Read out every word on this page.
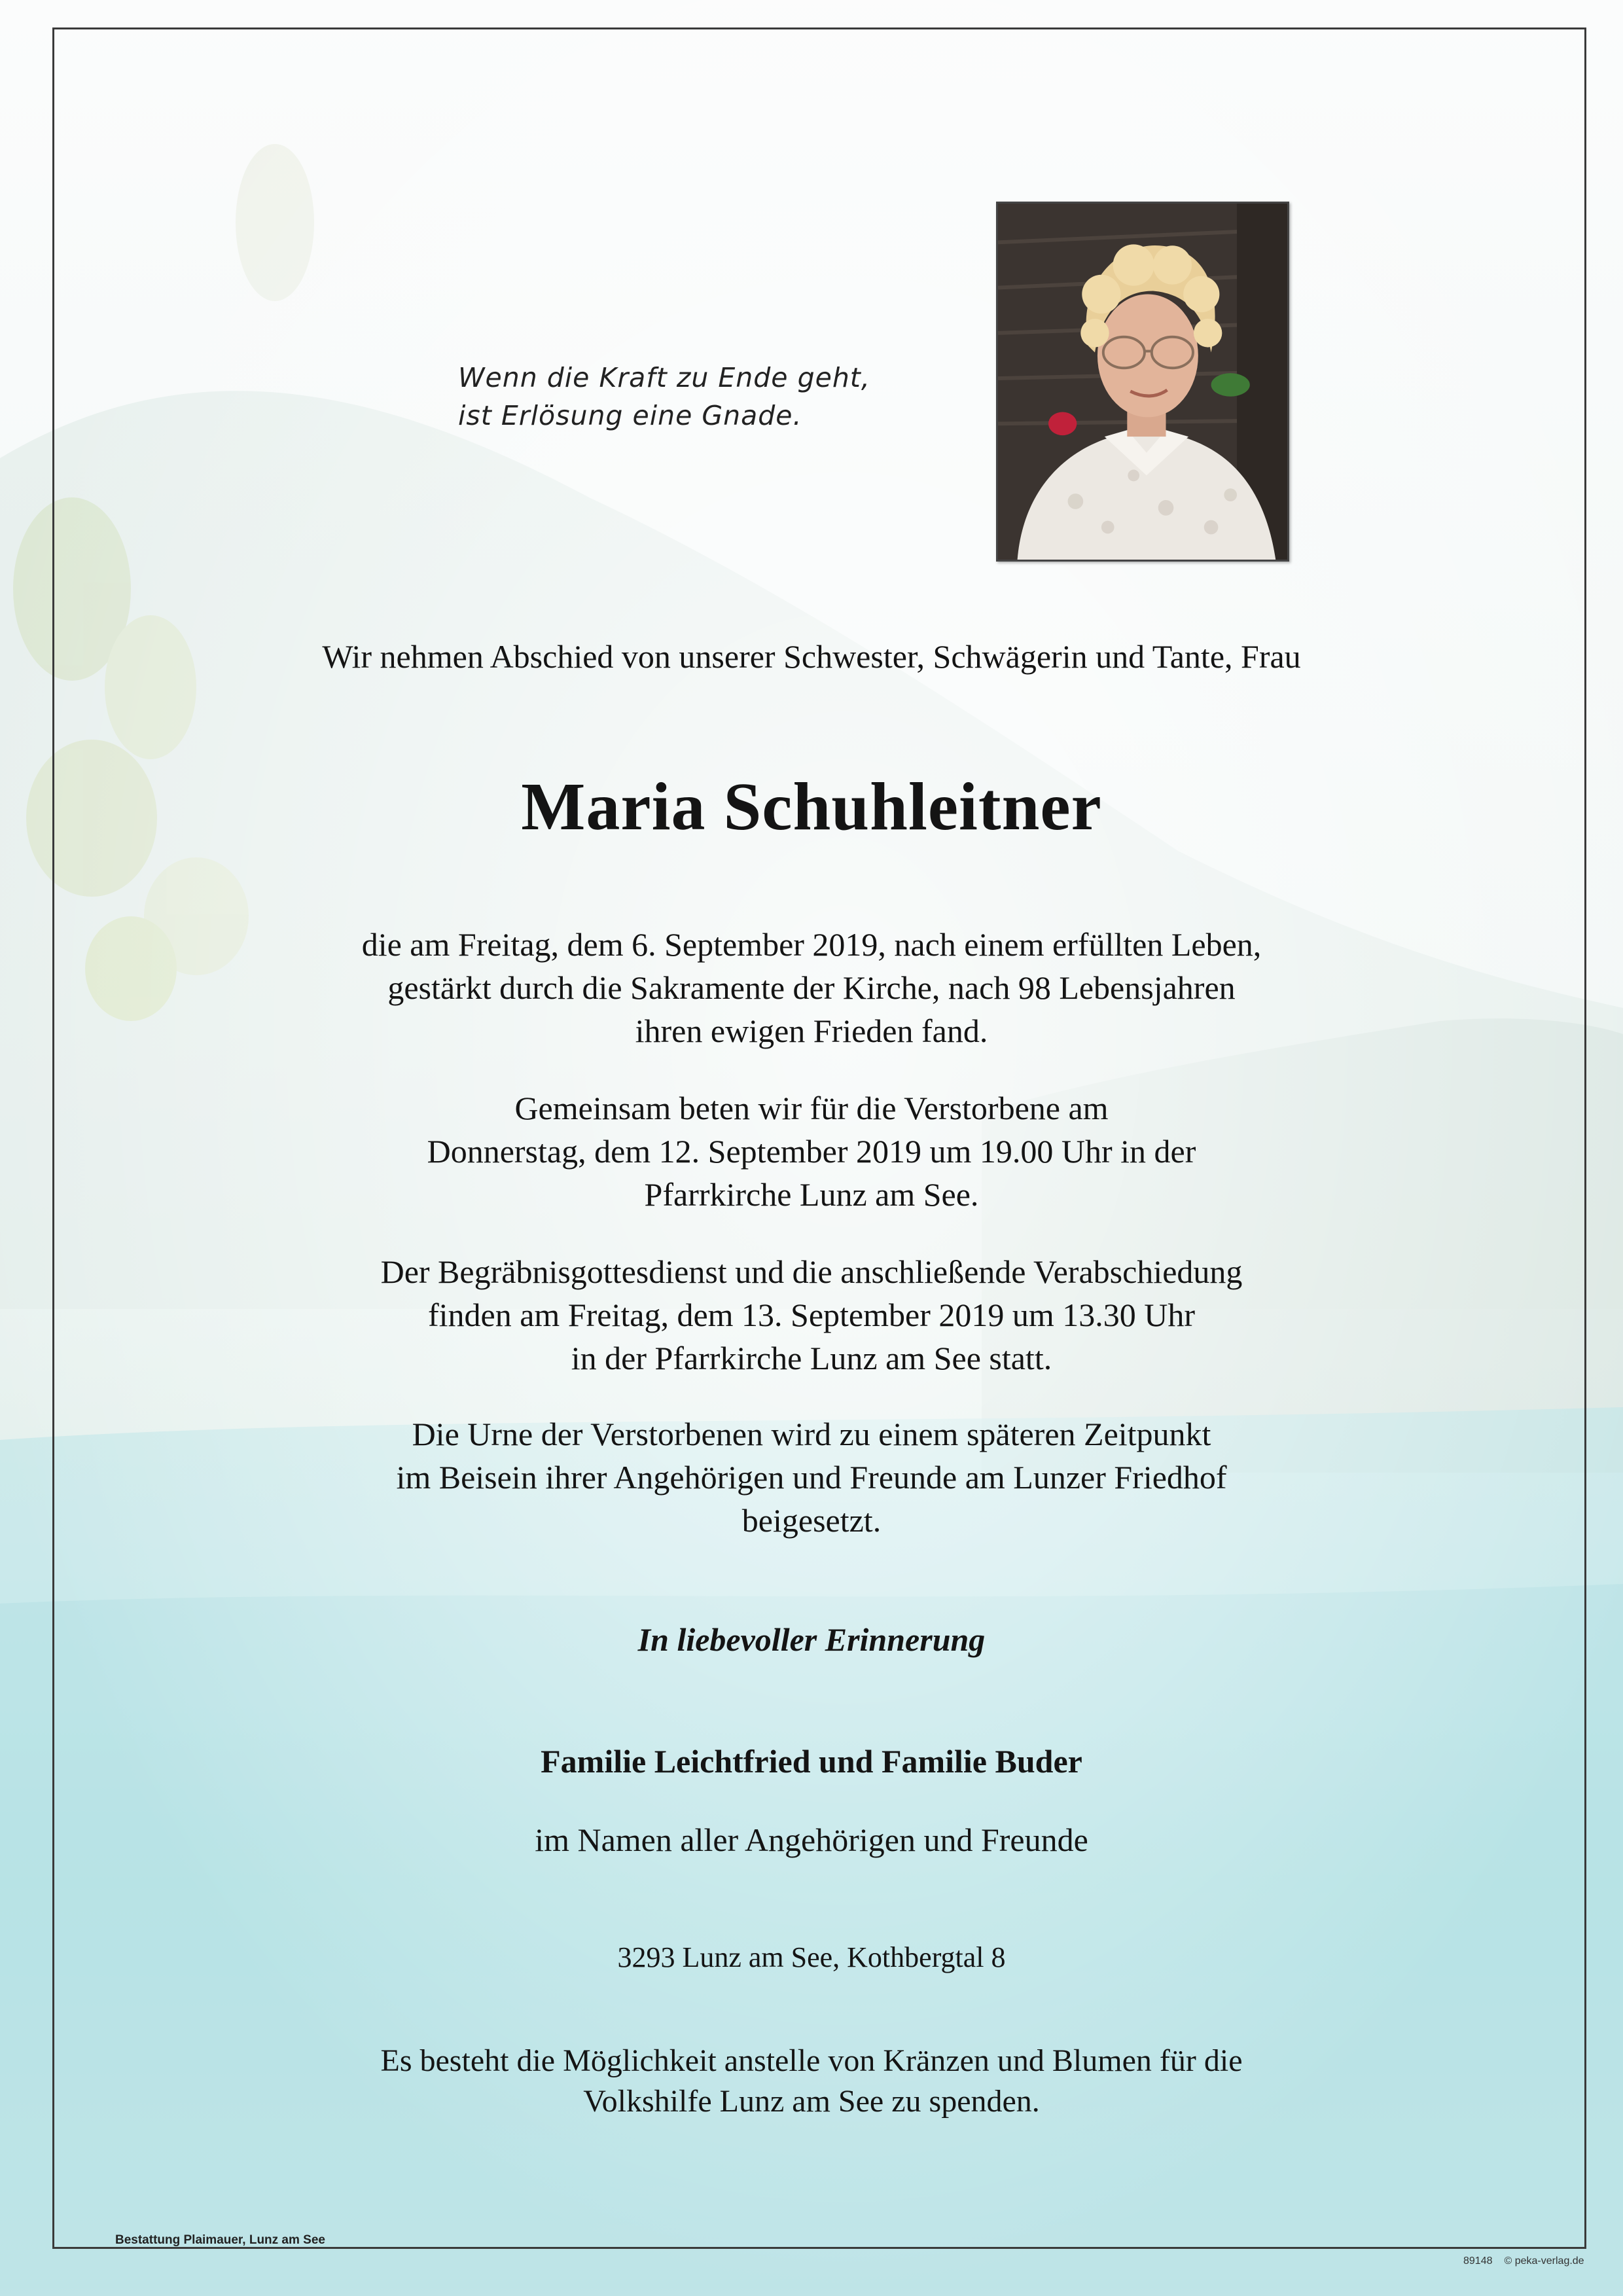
Wenn die Kraft zu Ende geht,
ist Erlösung eine Gnade.
Wir nehmen Abschied von unserer Schwester, Schwägerin und Tante, Frau
Maria Schuhleitner
die am Freitag, dem 6. September 2019, nach einem erfüllten Leben,
gestärkt durch die Sakramente der Kirche, nach 98 Lebensjahren
ihren ewigen Frieden fand.
Gemeinsam beten wir für die Verstorbene am
Donnerstag, dem 12. September 2019 um 19.00 Uhr in der
Pfarrkirche Lunz am See.
Der Begräbnisgottesdienst und die anschließende Verabschiedung
finden am Freitag, dem 13. September 2019 um 13.30 Uhr
in der Pfarrkirche Lunz am See statt.
Die Urne der Verstorbenen wird zu einem späteren Zeitpunkt
im Beisein ihrer Angehörigen und Freunde am Lunzer Friedhof
beigesetzt.
In liebevoller Erinnerung
Familie Leichtfried und Familie Buder
im Namen aller Angehörigen und Freunde
3293 Lunz am See, Kothbergtal 8
Es besteht die Möglichkeit anstelle von Kränzen und Blumen für die
Volkshilfe Lunz am See zu spenden.
Bestattung Plaimauer, Lunz am See
89148 © peka-verlag.de
